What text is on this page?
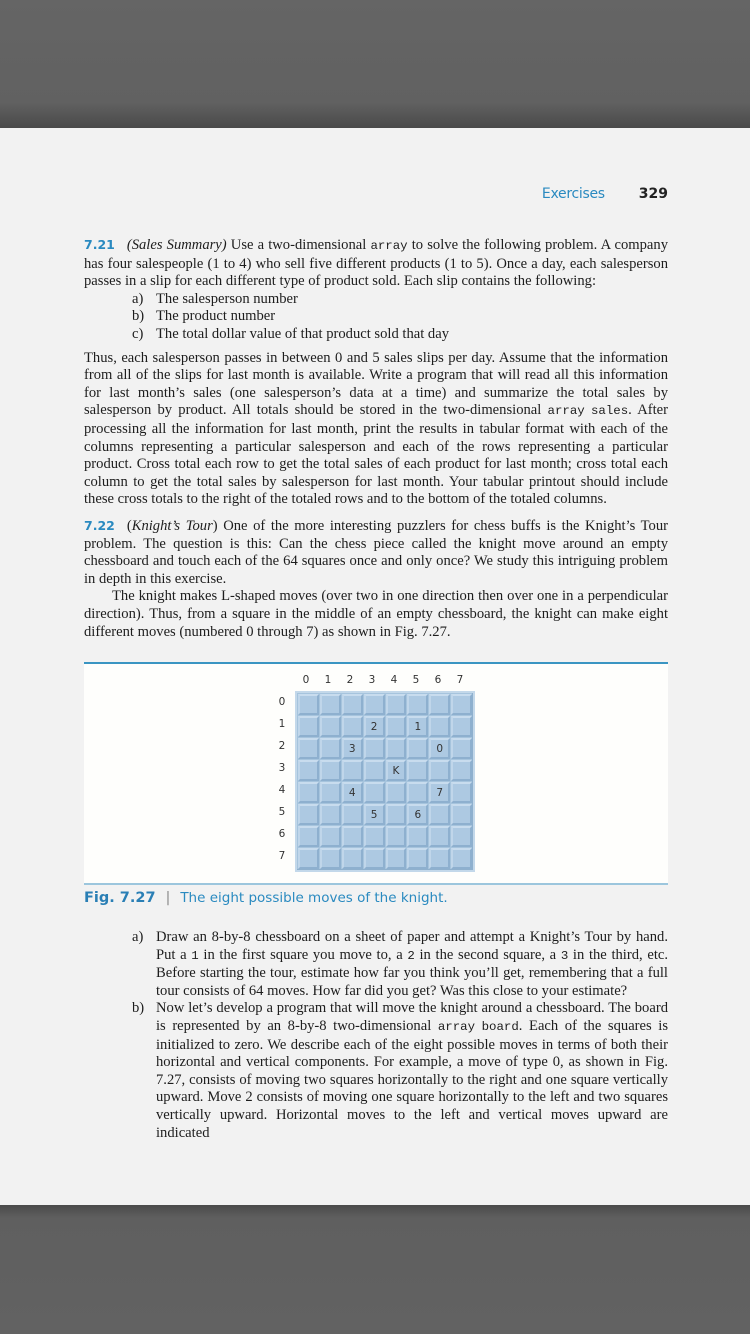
Exercises 329

7.21 (Sales Summary) Use a two-dimensional array to solve the following problem. A company has four salespeople (1 to 4) who sell five different products (1 to 5). Once a day, each salesperson passes in a slip for each different type of product sold. Each slip contains the following:

a) The salesperson number
b) The product number
c) The total dollar value of that product sold that day

Thus, each salesperson passes in between 0 and 5 sales slips per day. Assume that the information from all of the slips for last month is available. Write a program that will read all this information for last month’s sales (one salesperson’s data at a time) and summarize the total sales by salesperson by product. All totals should be stored in the two-dimensional array sales. After processing all the information for last month, print the results in tabular format with each of the columns representing a particular salesperson and each of the rows representing a particular product. Cross total each row to get the total sales of each product for last month; cross total each column to get the total sales by salesperson for last month. Your tabular printout should include these cross totals to the right of the totaled rows and to the bottom of the totaled columns.

7.22 (Knight’s Tour) One of the more interesting puzzlers for chess buffs is the Knight’s Tour problem. The question is this: Can the chess piece called the knight move around an empty chessboard and touch each of the 64 squares once and only once? We study this intriguing problem in depth in this exercise.

The knight makes L-shaped moves (over two in one direction then over one in a perpendicular direction). Thus, from a square in the middle of an empty chessboard, the knight can make eight different moves (numbered 0 through 7) as shown in Fig. 7.27.

0	1	2	3	4	5	6	7
0
1
2
3
4
5
6
7
2	1
3	0
K
4	7
5	6
Fig. 7.27 | The eight possible moves of the knight.
a) Draw an 8-by-8 chessboard on a sheet of paper and attempt a Knight’s Tour by hand. Put a 1 in the first square you move to, a 2 in the second square, a 3 in the third, etc. Before starting the tour, estimate how far you think you’ll get, remembering that a full tour consists of 64 moves. How far did you get? Was this close to your estimate?
b) Now let’s develop a program that will move the knight around a chessboard. The board is represented by an 8-by-8 two-dimensional array board. Each of the squares is initialized to zero. We describe each of the eight possible moves in terms of both their horizontal and vertical components. For example, a move of type 0, as shown in Fig. 7.27, consists of moving two squares horizontally to the right and one square vertically upward. Move 2 consists of moving one square horizontally to the left and two squares vertically upward. Horizontal moves to the left and vertical moves upward are indicated
